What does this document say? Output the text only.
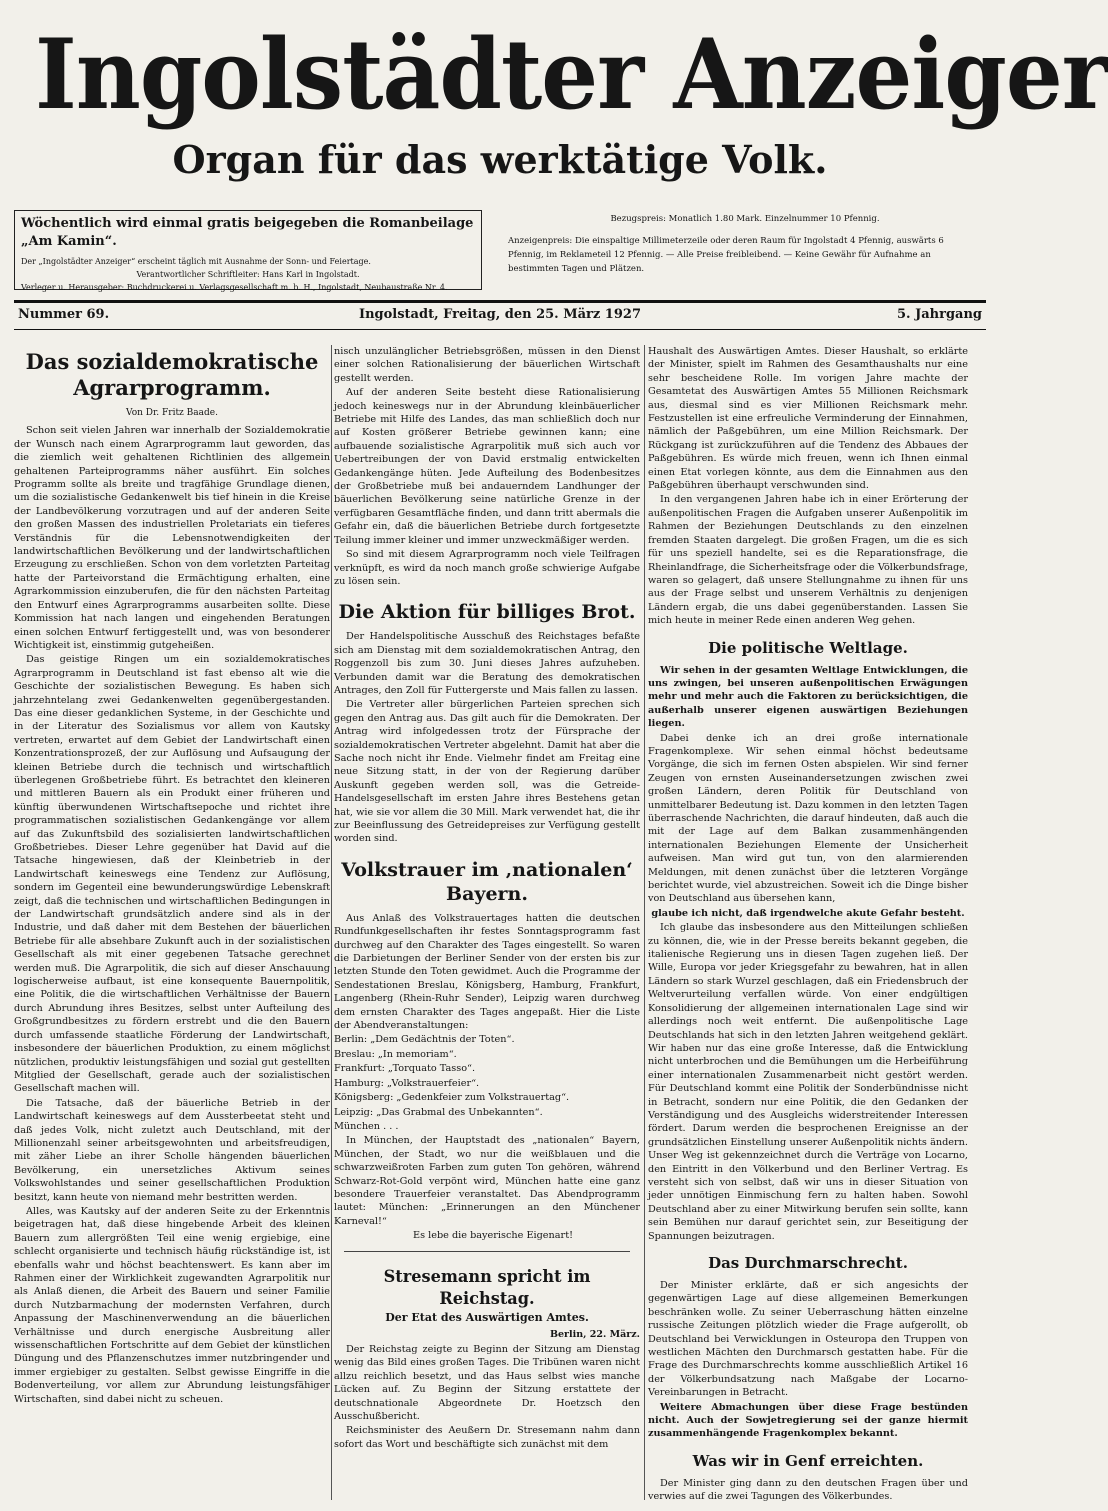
Ingolstädter Anzeiger
Organ für das werktätige Volk.
Wöchentlich wird einmal gratis beigegeben die Romanbeilage „Am Kamin“.
Der „Ingolstädter Anzeiger“ erscheint täglich mit Ausnahme der Sonn- und Feiertage.
Verantwortlicher Schriftleiter: Hans Karl in Ingolstadt.
Verleger u. Herausgeber: Buchdruckerei u. Verlagsgesellschaft m. b. H., Ingolstadt, Neubaustraße Nr. 4.
Bezugspreis: Monatlich 1.80 Mark. Einzelnummer 10 Pfennig.
Anzeigenpreis: Die einspaltige Millimeterzeile oder deren Raum für Ingolstadt 4 Pfennig, auswärts 6 Pfennig, im Reklameteil 12 Pfennig. — Alle Preise freibleibend. — Keine Gewähr für Aufnahme an bestimmten Tagen und Plätzen.
Ingolstadt, Freitag, den 25. März 1927
Nummer 69.	5. Jahrgang
Das sozialdemokratische Agrarprogramm.
Von Dr. Fritz Baade.

Schon seit vielen Jahren war innerhalb der Sozialdemokratie der Wunsch nach einem Agrarprogramm laut geworden, das die ziemlich weit gehaltenen Richtlinien des allgemein gehaltenen Parteiprogramms näher ausführt. Ein solches Programm sollte als breite und tragfähige Grundlage dienen, um die sozialistische Gedankenwelt bis tief hinein in die Kreise der Landbevölkerung vorzutragen und auf der anderen Seite den großen Massen des industriellen Proletariats ein tieferes Verständnis für die Lebensnotwendigkeiten der landwirtschaftlichen Bevölkerung und der landwirtschaftlichen Erzeugung zu erschließen. Schon von dem vorletzten Parteitag hatte der Parteivorstand die Ermächtigung erhalten, eine Agrarkommission einzuberufen, die für den nächsten Parteitag den Entwurf eines Agrarprogramms ausarbeiten sollte. Diese Kommission hat nach langen und eingehenden Beratungen einen solchen Entwurf fertiggestellt und, was von besonderer Wichtigkeit ist, einstimmig gutgeheißen.

Das geistige Ringen um ein sozialdemokratisches Agrarprogramm in Deutschland ist fast ebenso alt wie die Geschichte der sozialistischen Bewegung. Es haben sich jahrzehntelang zwei Gedankenwelten gegenübergestanden. Das eine dieser gedanklichen Systeme, in der Geschichte und in der Literatur des Sozialismus vor allem von Kautsky vertreten, erwartet auf dem Gebiet der Landwirtschaft einen Konzentrationsprozeß, der zur Auflösung und Aufsaugung der kleinen Betriebe durch die technisch und wirtschaftlich überlegenen Großbetriebe führt. Es betrachtet den kleineren und mittleren Bauern als ein Produkt einer früheren und künftig überwundenen Wirtschaftsepoche und richtet ihre programmatischen sozialistischen Gedankengänge vor allem auf das Zukunftsbild des sozialisierten landwirtschaftlichen Großbetriebes. Dieser Lehre gegenüber hat David auf die Tatsache hingewiesen, daß der Kleinbetrieb in der Landwirtschaft keineswegs eine Tendenz zur Auflösung, sondern im Gegenteil eine bewunderungswürdige Lebenskraft zeigt, daß die technischen und wirtschaftlichen Bedingungen in der Landwirtschaft grundsätzlich andere sind als in der Industrie, und daß daher mit dem Bestehen der bäuerlichen Betriebe für alle absehbare Zukunft auch in der sozialistischen Gesellschaft als mit einer gegebenen Tatsache gerechnet werden muß. Die Agrarpolitik, die sich auf dieser Anschauung logischerweise aufbaut, ist eine konsequente Bauernpolitik, eine Politik, die die wirtschaftlichen Verhältnisse der Bauern durch Abrundung ihres Besitzes, selbst unter Aufteilung des Großgrundbesitzes zu fördern erstrebt und die den Bauern durch umfassende staatliche Förderung der Landwirtschaft, insbesondere der bäuerlichen Produktion, zu einem möglichst nützlichen, produktiv leistungsfähigen und sozial gut gestellten Mitglied der Gesellschaft, gerade auch der sozialistischen Gesellschaft machen will.

Die Tatsache, daß der bäuerliche Betrieb in der Landwirtschaft keineswegs auf dem Aussterbeetat steht und daß jedes Volk, nicht zuletzt auch Deutschland, mit der Millionenzahl seiner arbeitsgewohnten und arbeitsfreudigen, mit zäher Liebe an ihrer Scholle hängenden bäuerlichen Bevölkerung, ein unersetzliches Aktivum seines Volkswohlstandes und seiner gesellschaftlichen Produktion besitzt, kann heute von niemand mehr bestritten werden.

Alles, was Kautsky auf der anderen Seite zu der Erkenntnis beigetragen hat, daß diese hingebende Arbeit des kleinen Bauern zum allergrößten Teil eine wenig ergiebige, eine schlecht organisierte und technisch häufig rückständige ist, ist ebenfalls wahr und höchst beachtenswert. Es kann aber im Rahmen einer der Wirklichkeit zugewandten Agrarpolitik nur als Anlaß dienen, die Arbeit des Bauern und seiner Familie durch Nutzbarmachung der modernsten Verfahren, durch Anpassung der Maschinenverwendung an die bäuerlichen Verhältnisse und durch energische Ausbreitung aller wissenschaftlichen Fortschritte auf dem Gebiet der künstlichen Düngung und des Pflanzenschutzes immer nutzbringender und immer ergiebiger zu gestalten. Selbst gewisse Eingriffe in die Bodenverteilung, vor allem zur Abrundung leistungsfähiger Wirtschaften, sind dabei nicht zu scheuen.

nisch unzulänglicher Betriebsgrößen, müssen in den Dienst einer solchen Rationalisierung der bäuerlichen Wirtschaft gestellt werden.

Auf der anderen Seite besteht diese Rationalisierung jedoch keineswegs nur in der Abrundung kleinbäuerlicher Betriebe mit Hilfe des Landes, das man schließlich doch nur auf Kosten größerer Betriebe gewinnen kann; eine aufbauende sozialistische Agrarpolitik muß sich auch vor Uebertreibungen der von David erstmalig entwickelten Gedankengänge hüten. Jede Aufteilung des Bodenbesitzes der Großbetriebe muß bei andauerndem Landhunger der bäuerlichen Bevölkerung seine natürliche Grenze in der verfügbaren Gesamtfläche finden, und dann tritt abermals die Gefahr ein, daß die bäuerlichen Betriebe durch fortgesetzte Teilung immer kleiner und immer unzweckmäßiger werden.

So sind mit diesem Agrarprogramm noch viele Teilfragen verknüpft, es wird da noch manch große schwierige Aufgabe zu lösen sein.

Die Aktion für billiges Brot.

Der Handelspolitische Ausschuß des Reichstages befaßte sich am Dienstag mit dem sozialdemokratischen Antrag, den Roggenzoll bis zum 30. Juni dieses Jahres aufzuheben. Verbunden damit war die Beratung des demokratischen Antrages, den Zoll für Futtergerste und Mais fallen zu lassen.

Die Vertreter aller bürgerlichen Parteien sprechen sich gegen den Antrag aus. Das gilt auch für die Demokraten. Der Antrag wird infolgedessen trotz der Fürsprache der sozialdemokratischen Vertreter abgelehnt. Damit hat aber die Sache noch nicht ihr Ende. Vielmehr findet am Freitag eine neue Sitzung statt, in der von der Regierung darüber Auskunft gegeben werden soll, was die Getreide-Handelsgesellschaft im ersten Jahre ihres Bestehens getan hat, wie sie vor allem die 30 Mill. Mark verwendet hat, die ihr zur Beeinflussung des Getreidepreises zur Verfügung gestellt worden sind.

Volkstrauer im ‚nationalen‘ Bayern.

Aus Anlaß des Volkstrauertages hatten die deutschen Rundfunkgesellschaften ihr festes Sonntagsprogramm fast durchweg auf den Charakter des Tages eingestellt. So waren die Darbietungen der Berliner Sender von der ersten bis zur letzten Stunde den Toten gewidmet. Auch die Programme der Sendestationen Breslau, Königsberg, Hamburg, Frankfurt, Langenberg (Rhein-Ruhr Sender), Leipzig waren durchweg dem ernsten Charakter des Tages angepaßt. Hier die Liste der Abendveranstaltungen:

Berlin: „Dem Gedächtnis der Toten“.

Breslau: „In memoriam“.

Frankfurt: „Torquato Tasso“.

Hamburg: „Volkstrauerfeier“.

Königsberg: „Gedenkfeier zum Volkstrauertag“.

Leipzig: „Das Grabmal des Unbekannten“.

München . . .

In München, der Hauptstadt des „nationalen“ Bayern, München, der Stadt, wo nur die weißblauen und die schwarzweißroten Farben zum guten Ton gehören, während Schwarz-Rot-Gold verpönt wird, München hatte eine ganz besondere Trauerfeier veranstaltet. Das Abendprogramm lautet: München: „Erinnerungen an den Münchener Karneval!“

Es lebe die bayerische Eigenart!

Stresemann spricht im Reichstag.
Der Etat des Auswärtigen Amtes.
Berlin, 22. März.

Der Reichstag zeigte zu Beginn der Sitzung am Dienstag wenig das Bild eines großen Tages. Die Tribünen waren nicht allzu reichlich besetzt, und das Haus selbst wies manche Lücken auf. Zu Beginn der Sitzung erstattete der deutschnationale Abgeordnete Dr. Hoetzsch den Ausschußbericht.

Reichsminister des Aeußern Dr. Stresemann nahm dann sofort das Wort und beschäftigte sich zunächst mit dem

Haushalt des Auswärtigen Amtes. Dieser Haushalt, so erklärte der Minister, spielt im Rahmen des Gesamthaushalts nur eine sehr bescheidene Rolle. Im vorigen Jahre machte der Gesamtetat des Auswärtigen Amtes 55 Millionen Reichsmark aus, diesmal sind es vier Millionen Reichsmark mehr. Festzustellen ist eine erfreuliche Verminderung der Einnahmen, nämlich der Paßgebühren, um eine Million Reichsmark. Der Rückgang ist zurückzuführen auf die Tendenz des Abbaues der Paßgebühren. Es würde mich freuen, wenn ich Ihnen einmal einen Etat vorlegen könnte, aus dem die Einnahmen aus den Paßgebühren überhaupt verschwunden sind.

In den vergangenen Jahren habe ich in einer Erörterung der außenpolitischen Fragen die Aufgaben unserer Außenpolitik im Rahmen der Beziehungen Deutschlands zu den einzelnen fremden Staaten dargelegt. Die großen Fragen, um die es sich für uns speziell handelte, sei es die Reparationsfrage, die Rheinlandfrage, die Sicherheitsfrage oder die Völkerbundsfrage, waren so gelagert, daß unsere Stellungnahme zu ihnen für uns aus der Frage selbst und unserem Verhältnis zu denjenigen Ländern ergab, die uns dabei gegenüberstanden. Lassen Sie mich heute in meiner Rede einen anderen Weg gehen.

Die politische Weltlage.

Wir sehen in der gesamten Weltlage Entwicklungen, die uns zwingen, bei unseren außenpolitischen Erwägungen mehr und mehr auch die Faktoren zu berücksichtigen, die außerhalb unserer eigenen auswärtigen Beziehungen liegen.

Dabei denke ich an drei große internationale Fragenkomplexe. Wir sehen einmal höchst bedeutsame Vorgänge, die sich im fernen Osten abspielen. Wir sind ferner Zeugen von ernsten Auseinandersetzungen zwischen zwei großen Ländern, deren Politik für Deutschland von unmittelbarer Bedeutung ist. Dazu kommen in den letzten Tagen überraschende Nachrichten, die darauf hindeuten, daß auch die mit der Lage auf dem Balkan zusammenhängenden internationalen Beziehungen Elemente der Unsicherheit aufweisen. Man wird gut tun, von den alarmierenden Meldungen, mit denen zunächst über die letzteren Vorgänge berichtet wurde, viel abzustreichen. Soweit ich die Dinge bisher von Deutschland aus übersehen kann,

glaube ich nicht, daß irgendwelche akute Gefahr besteht.

Ich glaube das insbesondere aus den Mitteilungen schließen zu können, die, wie in der Presse bereits bekannt gegeben, die italienische Regierung uns in diesen Tagen zugehen ließ. Der Wille, Europa vor jeder Kriegsgefahr zu bewahren, hat in allen Ländern so stark Wurzel geschlagen, daß ein Friedensbruch der Weltverurteilung verfallen würde. Von einer endgültigen Konsolidierung der allgemeinen internationalen Lage sind wir allerdings noch weit entfernt. Die außenpolitische Lage Deutschlands hat sich in den letzten Jahren weitgehend geklärt. Wir haben nur das eine große Interesse, daß die Entwicklung nicht unterbrochen und die Bemühungen um die Herbeiführung einer internationalen Zusammenarbeit nicht gestört werden. Für Deutschland kommt eine Politik der Sonderbündnisse nicht in Betracht, sondern nur eine Politik, die den Gedanken der Verständigung und des Ausgleichs widerstreitender Interessen fördert. Darum werden die besprochenen Ereignisse an der grundsätzlichen Einstellung unserer Außenpolitik nichts ändern. Unser Weg ist gekennzeichnet durch die Verträge von Locarno, den Eintritt in den Völkerbund und den Berliner Vertrag. Es versteht sich von selbst, daß wir uns in dieser Situation von jeder unnötigen Einmischung fern zu halten haben. Sowohl Deutschland aber zu einer Mitwirkung berufen sein sollte, kann sein Bemühen nur darauf gerichtet sein, zur Beseitigung der Spannungen beizutragen.

Das Durchmarschrecht.

Der Minister erklärte, daß er sich angesichts der gegenwärtigen Lage auf diese allgemeinen Bemerkungen beschränken wolle. Zu seiner Ueberraschung hätten einzelne russische Zeitungen plötzlich wieder die Frage aufgerollt, ob Deutschland bei Verwicklungen in Osteuropa den Truppen von westlichen Mächten den Durchmarsch gestatten habe. Für die Frage des Durchmarschrechts komme ausschließlich Artikel 16 der Völkerbundsatzung nach Maßgabe der Locarno-Vereinbarungen in Betracht.

Weitere Abmachungen über diese Frage bestünden nicht. Auch der Sowjetregierung sei der ganze hiermit zusammenhängende Fragenkomplex bekannt.

Was wir in Genf erreichten.

Der Minister ging dann zu den deutschen Fragen über und verwies auf die zwei Tagungen des Völkerbundes.
